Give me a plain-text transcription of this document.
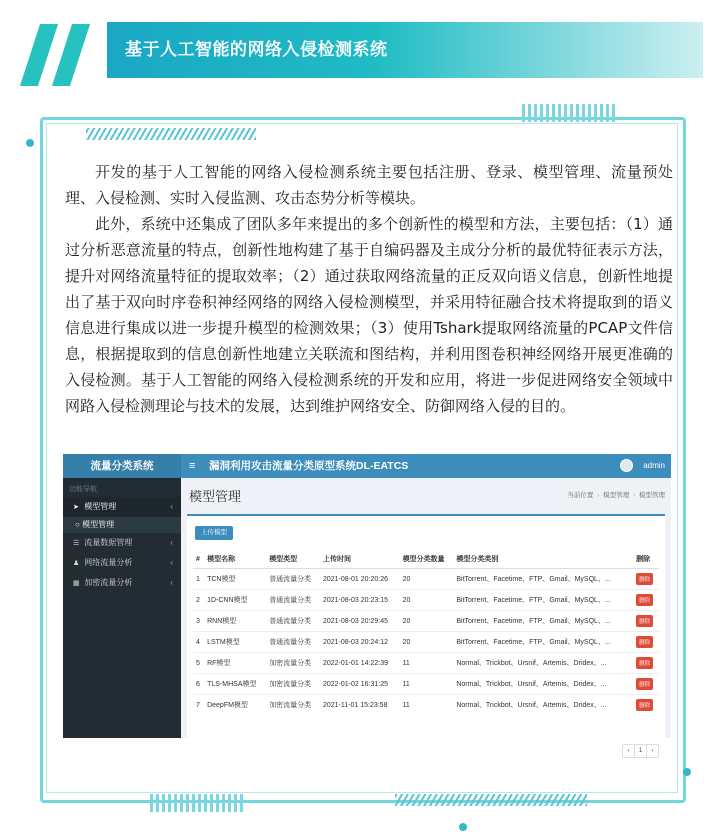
基于人工智能的网络入侵检测系统

开发的基于人工智能的网络入侵检测系统主要包括注册、登录、模型管理、流量预处理、入侵检测、实时入侵监测、攻击态势分析等模块。

此外，系统中还集成了团队多年来提出的多个创新性的模型和方法，主要包括：（1）通过分析恶意流量的特点，创新性地构建了基于自编码器及主成分分析的最优特征表示方法，提升对网络流量特征的提取效率；（2）通过获取网络流量的正反双向语义信息，创新性地提出了基于双向时序卷积神经网络的网络入侵检测模型，并采用特征融合技术将提取到的语义信息进行集成以进一步提升模型的检测效果；（3）使用Tshark提取网络流量的PCAP文件信息，根据提取到的信息创新性地建立关联流和图结构，并利用图卷积神经网络开展更准确的入侵检测。基于人工智能的网络入侵检测系统的开发和应用，将进一步促进网络安全领域中网路入侵检测理论与技术的发展，达到维护网络安全、防御网络入侵的目的。

流量分类系统
功能导航
➤ 模型管理	‹
○ 模型管理
☰ 流量数据管理	‹
♟ 网络流量分析	‹
▦ 加密流量分析	‹
≡ 漏洞利用攻击流量分类原型系统DL-EATCS	admin
模型管理	当前位置 › 模型管理 › 模型管理
上传模型
#	模型名称	模型类型	上传时间	模型分类数量	模型分类类别	删除
1	TCN模型	普通流量分类	2021-08-01 20:20:26	20	BitTorrent、Facetime、FTP、Gmail、MySQL、...	删除
2	1D-CNN模型	普通流量分类	2021-08-03 20:23:15	20	BitTorrent、Facetime、FTP、Gmail、MySQL、...	删除
3	RNN模型	普通流量分类	2021-08-03 20:29:45	20	BitTorrent、Facetime、FTP、Gmail、MySQL、...	删除
4	LSTM模型	普通流量分类	2021-08-03 20:24:12	20	BitTorrent、Facetime、FTP、Gmail、MySQL、...	删除
5	RF模型	加密流量分类	2022-01-01 14:22:39	11	Normal、Trickbot、Ursnif、Artemis、Dridex、...	删除
6	TLS-MHSA模型	加密流量分类	2022-01-02 16:31:25	11	Normal、Trickbot、Ursnif、Artemis、Dridex、...	删除
7	DeepFM模型	加密流量分类	2021-11-01 15:23:58	11	Normal、Trickbot、Ursnif、Artemis、Dridex、...	删除
‹	1	›
